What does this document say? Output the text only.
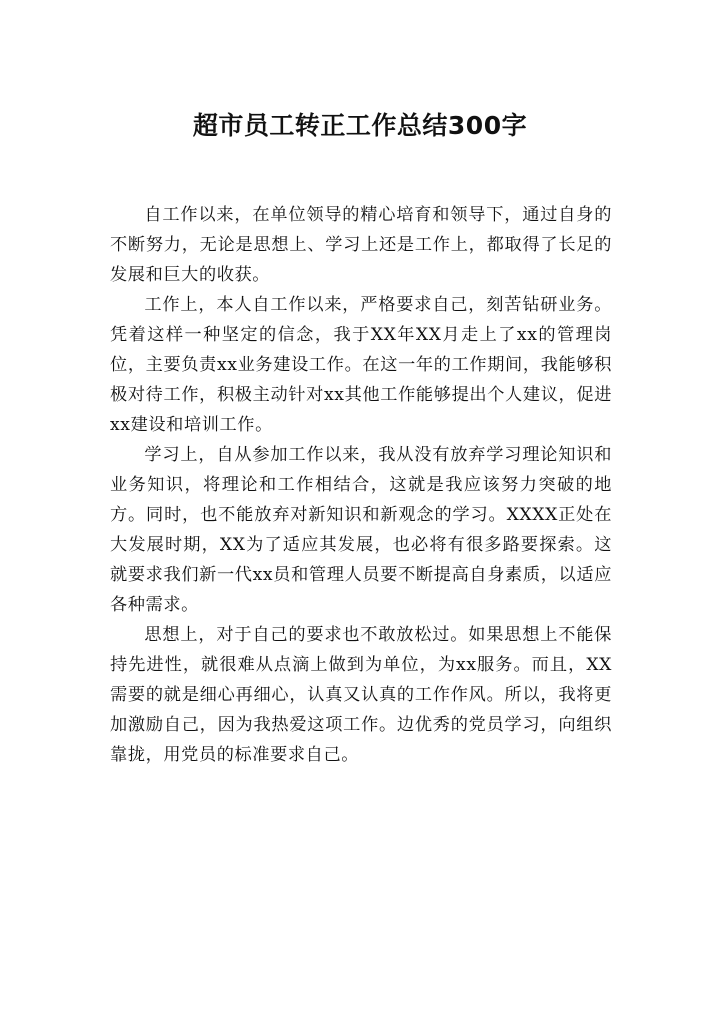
超市员工转正工作总结300字

自工作以来，在单位领导的精心培育和领导下，通过自身的不断努力，无论是思想上、学习上还是工作上，都取得了长足的发展和巨大的收获。

工作上，本人自工作以来，严格要求自己，刻苦钻研业务。凭着这样一种坚定的信念，我于XX年XX月走上了xx的管理岗位，主要负责xx业务建设工作。在这一年的工作期间，我能够积极对待工作，积极主动针对xx其他工作能够提出个人建议，促进xx建设和培训工作。

学习上，自从参加工作以来，我从没有放弃学习理论知识和业务知识，将理论和工作相结合，这就是我应该努力突破的地方。同时，也不能放弃对新知识和新观念的学习。XXXX正处在大发展时期，XX为了适应其发展，也必将有很多路要探索。这就要求我们新一代xx员和管理人员要不断提高自身素质，以适应各种需求。

思想上，对于自己的要求也不敢放松过。如果思想上不能保持先进性，就很难从点滴上做到为单位，为xx服务。而且，XX需要的就是细心再细心，认真又认真的工作作风。所以，我将更加激励自己，因为我热爱这项工作。边优秀的党员学习，向组织靠拢，用党员的标准要求自己。
